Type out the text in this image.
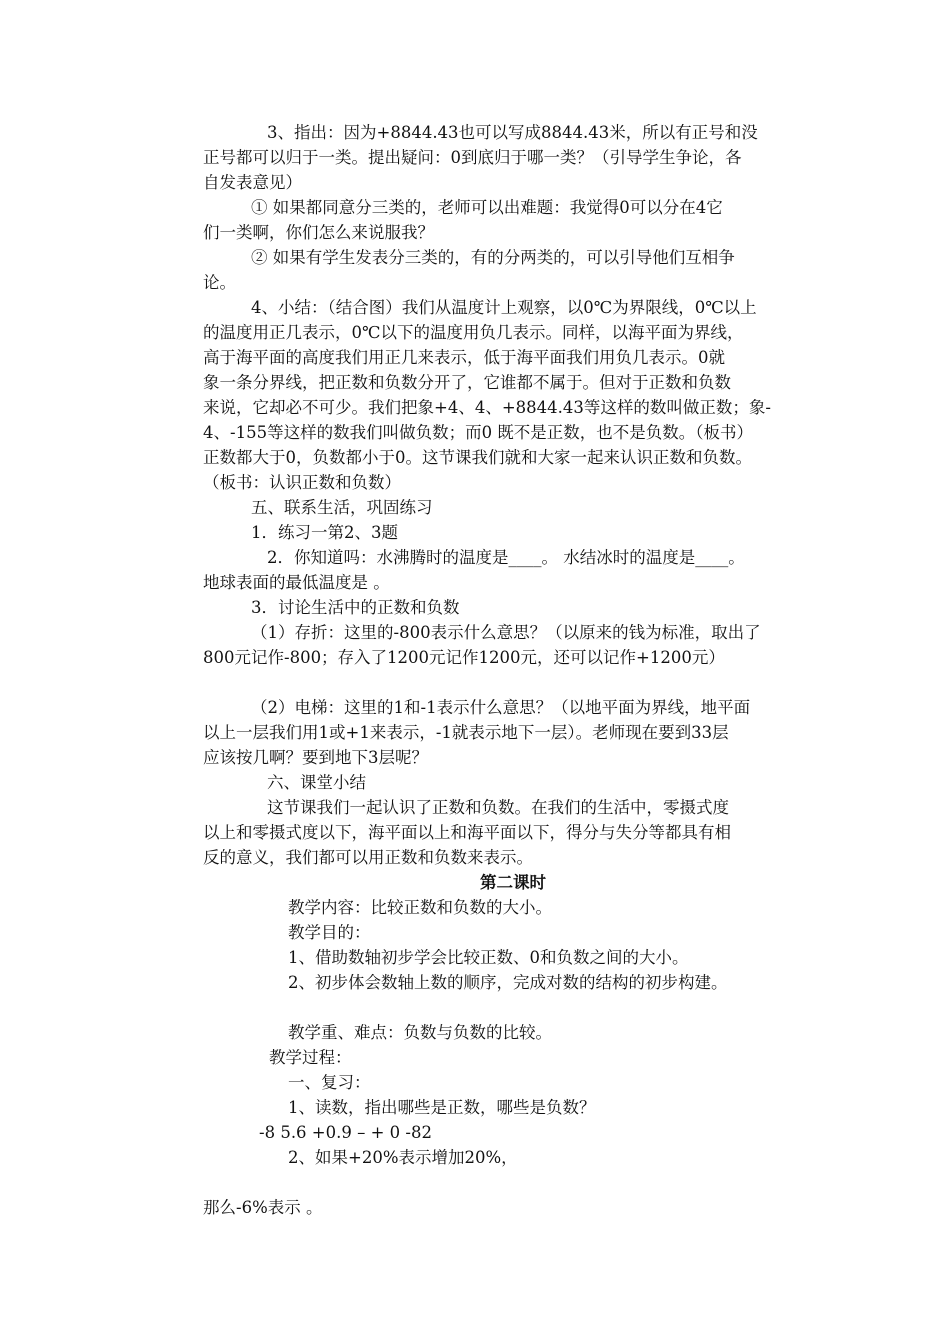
3、指出：因为+8844.43也可以写成8844.43米，所以有正号和没
正号都可以归于一类。提出疑问：0到底归于哪一类？（引导学生争论，各
自发表意见）
① 如果都同意分三类的，老师可以出难题：我觉得0可以分在4它
们一类啊，你们怎么来说服我？
② 如果有学生发表分三类的，有的分两类的，可以引导他们互相争
论。
4、小结：（结合图）我们从温度计上观察，以0℃为界限线，0℃以上
的温度用正几表示，0℃以下的温度用负几表示。同样，以海平面为界线，
高于海平面的高度我们用正几来表示，低于海平面我们用负几表示。0就
象一条分界线，把正数和负数分开了，它谁都不属于。但对于正数和负数
来说，它却必不可少。我们把象+4、4、+8844.43等这样的数叫做正数；象-
4、-155等这样的数我们叫做负数；而0 既不是正数，也不是负数。（板书）
正数都大于0，负数都小于0。这节课我们就和大家一起来认识正数和负数。
（板书：认识正数和负数）
五、联系生活，巩固练习
1．练习一第2、3题
2．你知道吗：水沸腾时的温度是____。 水结冰时的温度是____。
地球表面的最低温度是 。
3．讨论生活中的正数和负数
（1）存折：这里的-800表示什么意思？（以原来的钱为标准，取出了
800元记作-800；存入了1200元记作1200元，还可以记作+1200元）

（2）电梯：这里的1和-1表示什么意思？（以地平面为界线，地平面
以上一层我们用1或+1来表示，-1就表示地下一层）。老师现在要到33层
应该按几啊？要到地下3层呢？
六、课堂小结
这节课我们一起认识了正数和负数。在我们的生活中，零摄式度
以上和零摄式度以下，海平面以上和海平面以下，得分与失分等都具有相
反的意义，我们都可以用正数和负数来表示。
第二课时
教学内容：比较正数和负数的大小。
教学目的：
1、借助数轴初步学会比较正数、0和负数之间的大小。
2、初步体会数轴上数的顺序，完成对数的结构的初步构建。

教学重、难点：负数与负数的比较。
教学过程：
一、复习：
1、读数，指出哪些是正数，哪些是负数？
-8 5.6 +0.9 – + 0 -82
2、如果+20%表示增加20%，

那么-6%表示 。
